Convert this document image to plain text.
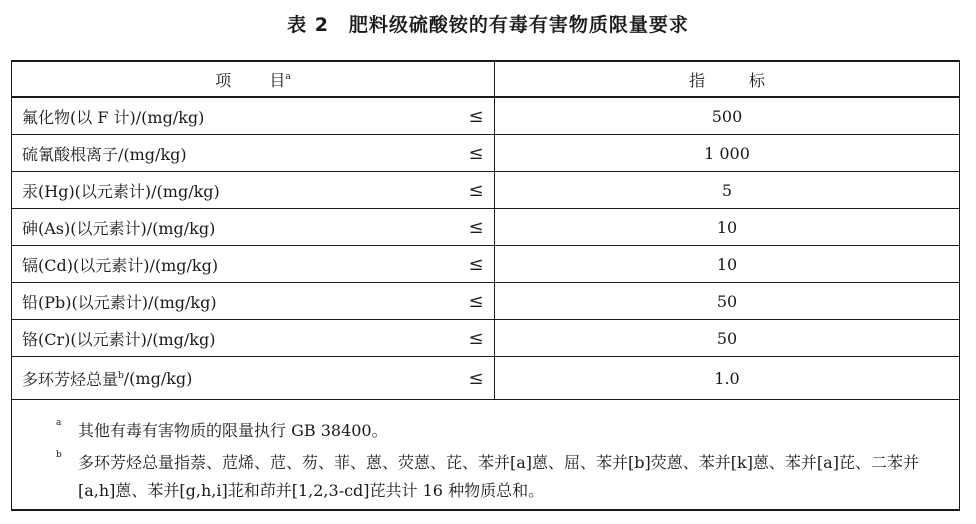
表 2　肥料级硫酸铵的有毒有害物质限量要求
项 目$^a$	指	标
氟化物(以 F 计)/(mg/kg)	≤	500
硫氰酸根离子/(mg/kg)	≤	1 000
汞(Hg)(以元素计)/(mg/kg)	≤	5
砷(As)(以元素计)/(mg/kg)	≤	10
镉(Cd)(以元素计)/(mg/kg)	≤	10
铅(Pb)(以元素计)/(mg/kg)	≤	50
铬(Cr)(以元素计)/(mg/kg)	≤	50
多环芳烃总量$^b$ /(mg/kg)	≤	1.0
a 其他有毒有害物质的限量执行 GB 38400。
b 多环芳烃总量指萘、苊烯、苊、芴、菲、蒽、荧蒽、芘、苯并[a]蒽、屈、苯并[b]荧蒽、苯并[k]蒽、苯并[a]芘、二苯并
[a,h]蒽、苯并[g,h,i]苝和茚并[1,2,3-cd]芘共计 16 种物质总和。
